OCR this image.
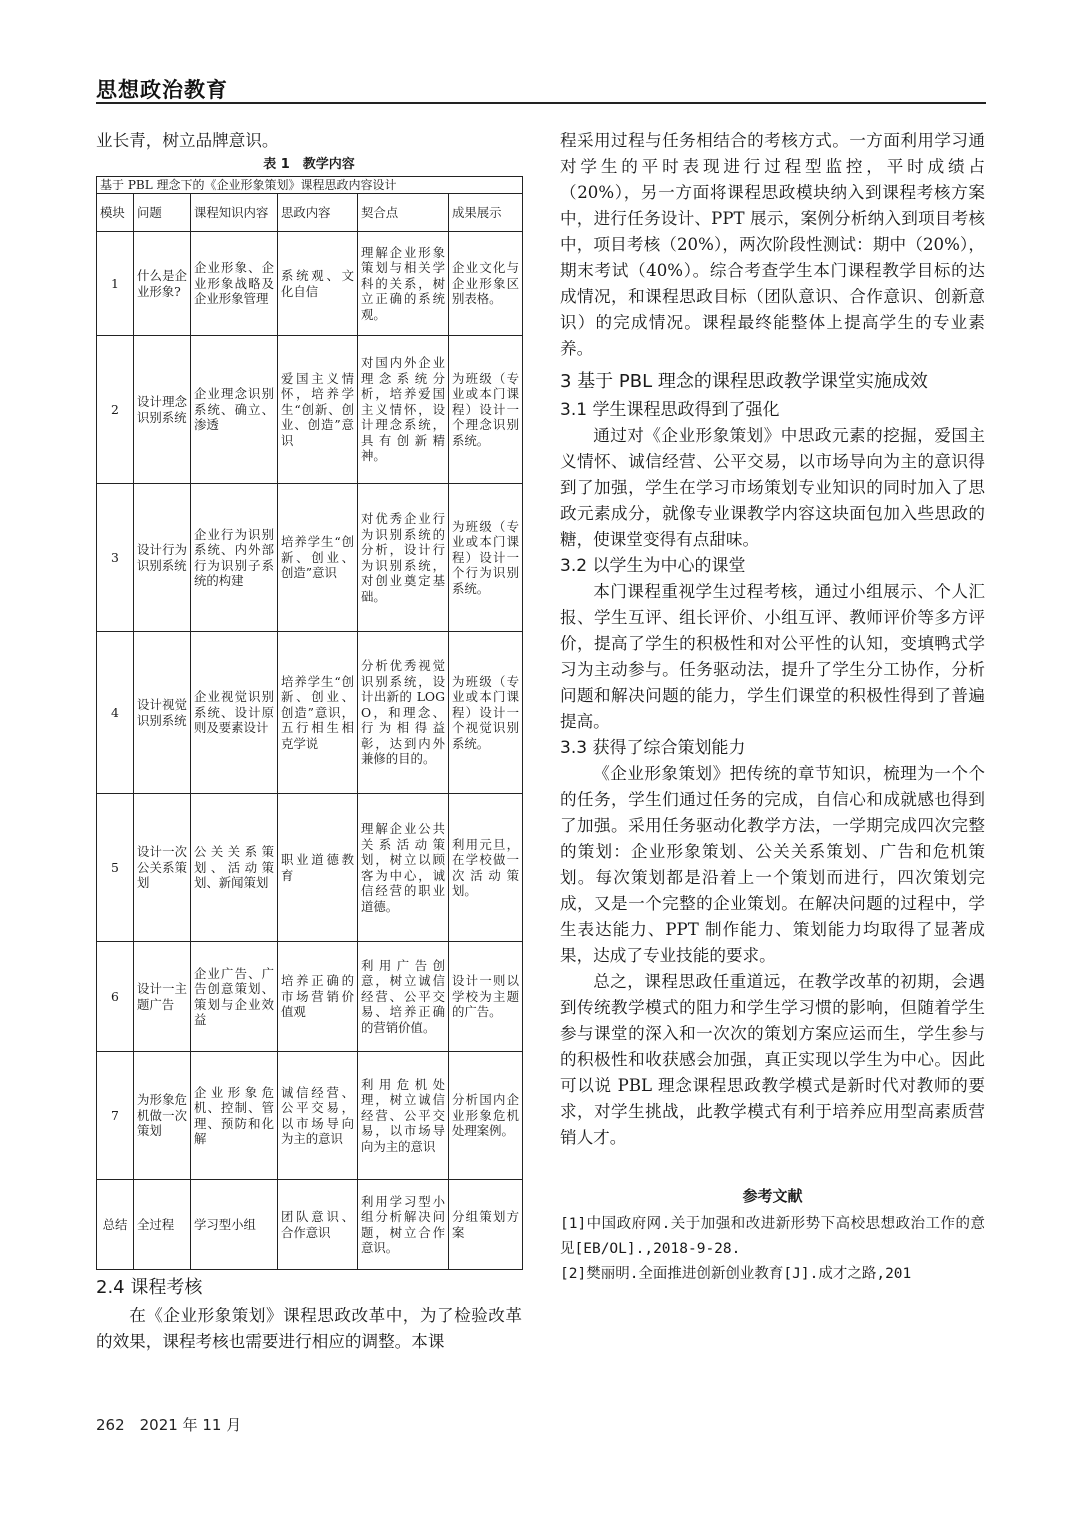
思想政治教育

业长青，树立品牌意识。

表 1　教学内容
基于 PBL 理念下的《企业形象策划》课程思政内容设计					
模块	问题	课程知识内容	思政内容	契合点	成果展示
1	什么是企业形象?	企业形象、企业形象战略及企业形象管理	系统观、文化自信	理解企业形象策划与相关学科的关系，树立正确的系统观。	企业文化与企业形象区别表格。
2	设计理念识别系统	企业理念识别系统、确立、渗透	爱国主义情怀，培养学生“创新、创业、创造”意识	对国内外企业理念系统分析，培养爱国主义情怀，设计理念系统，具有创新精神。	为班级（专业或本门课程）设计一个理念识别系统。
3	设计行为识别系统	企业行为识别系统、内外部行为识别子系统的构建	培养学生“创新、创业、创造”意识	对优秀企业行为识别系统的分析，设计行为识别系统，对创业奠定基础。	为班级（专业或本门课程）设计一个行为识别系统。
4	设计视觉识别系统	企业视觉识别系统、设计原则及要素设计	培养学生“创新、创业、创造”意识，五行相生相克学说	分析优秀视觉识别系统，设计出新的 LOGO，和理念、行为相得益彰，达到内外兼修的目的。	为班级（专业或本门课程）设计一个视觉识别系统。
5	设计一次公关系策划	公关关系策划、活动策划、新闻策划	职业道德教育	理解企业公共关系活动策划，树立以顾客为中心，诚信经营的职业道德。	利用元旦，在学校做一次活动策划。
6	设计一主题广告	企业广告、广告创意策划、策划与企业效益	培养正确的市场营销价值观	利用广告创意，树立诚信经营、公平交易、培养正确的营销价值。	设计一则以学校为主题的广告。
7	为形象危机做一次策划	企业形象危机、控制、管理、预防和化解	诚信经营、公平交易，以市场导向为主的意识	利用危机处理，树立诚信经营、公平交易，以市场导向为主的意识	分析国内企业形象危机处理案例。
总结	全过程	学习型小组	团队意识、合作意识	利用学习型小组分析解决问题，树立合作意识。	分组策划方案
2.4 课程考核

在《企业形象策划》课程思政改革中，为了检验改革的效果，课程考核也需要进行相应的调整。本课

程采用过程与任务相结合的考核方式。一方面利用学习通对学生的平时表现进行过程型监控，平时成绩占（20%），另一方面将课程思政模块纳入到课程考核方案中，进行任务设计、PPT 展示，案例分析纳入到项目考核中，项目考核（20%），两次阶段性测试：期中（20%），期末考试（40%）。综合考查学生本门课程教学目标的达成情况，和课程思政目标（团队意识、合作意识、创新意识）的完成情况。课程最终能整体上提高学生的专业素养。

3 基于 PBL 理念的课程思政教学课堂实施成效
3.1 学生课程思政得到了强化

通过对《企业形象策划》中思政元素的挖掘，爱国主义情怀、诚信经营、公平交易，以市场导向为主的意识得到了加强，学生在学习市场策划专业知识的同时加入了思政元素成分，就像专业课教学内容这块面包加入些思政的糖，使课堂变得有点甜味。

3.2 以学生为中心的课堂

本门课程重视学生过程考核，通过小组展示、个人汇报、学生互评、组长评价、小组互评、教师评价等多方评价，提高了学生的积极性和对公平性的认知，变填鸭式学习为主动参与。任务驱动法，提升了学生分工协作，分析问题和解决问题的能力，学生们课堂的积极性得到了普遍提高。

3.3 获得了综合策划能力

《企业形象策划》把传统的章节知识，梳理为一个个的任务，学生们通过任务的完成，自信心和成就感也得到了加强。采用任务驱动化教学方法，一学期完成四次完整的策划：企业形象策划、公关关系策划、广告和危机策划。每次策划都是沿着上一个策划而进行，四次策划完成，又是一个完整的企业策划。在解决问题的过程中，学生表达能力、PPT 制作能力、策划能力均取得了显著成果，达成了专业技能的要求。

总之，课程思政任重道远，在教学改革的初期，会遇到传统教学模式的阻力和学生学习惯的影响，但随着学生参与课堂的深入和一次次的策划方案应运而生，学生参与的积极性和收获感会加强，真正实现以学生为中心。因此可以说 PBL 理念课程思政教学模式是新时代对教师的要求，对学生挑战，此教学模式有利于培养应用型高素质营销人才。

参考文献

[1]中国政府网.关于加强和改进新形势下高校思想政治工作的意见[EB/OL].,2018-9-28.

[2]樊丽明.全面推进创新创业教育[J].成才之路,201

262　2021 年 11 月
